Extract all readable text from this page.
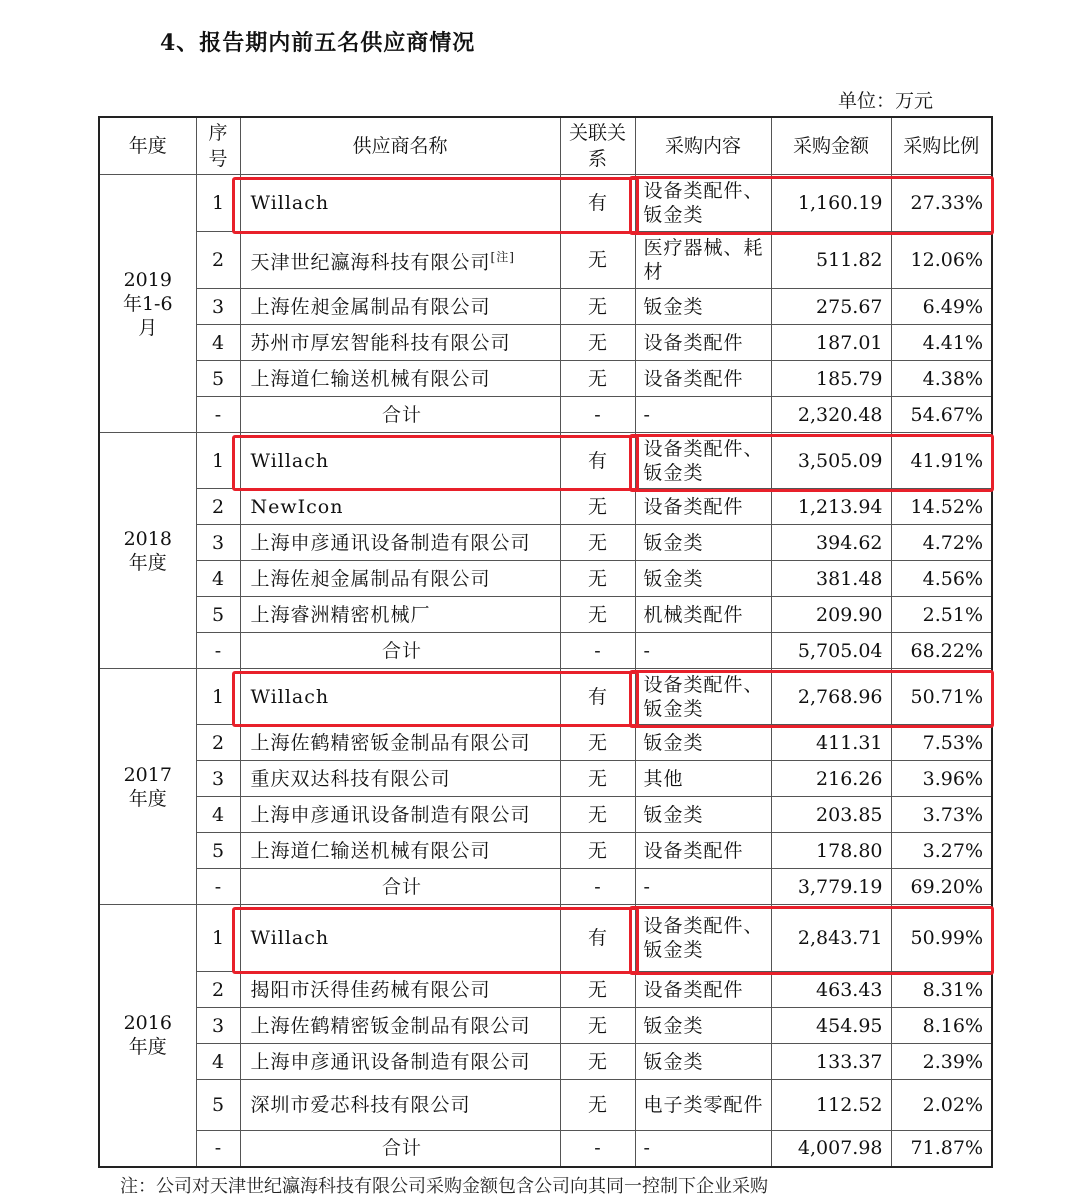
4、报告期内前五名供应商情况
单位：万元
年度	序号	供应商名称	关联关系	采购内容	采购金额	采购比例
2019年1-6月	1	Willach	有	设备类配件、钣金类	1,160.19	27.33%
	2	天津世纪瀛海科技有限公司[注]	无	医疗器械、耗材	511.82	12.06%
	3	上海佐昶金属制品有限公司	无	钣金类	275.67	6.49%
	4	苏州市厚宏智能科技有限公司	无	设备类配件	187.01	4.41%
	5	上海道仁输送机械有限公司	无	设备类配件	185.79	4.38%
	-	合计	-	-	2,320.48	54.67%
2018年度	1	Willach	有	设备类配件、钣金类	3,505.09	41.91%
	2	NewIcon	无	设备类配件	1,213.94	14.52%
	3	上海申彦通讯设备制造有限公司	无	钣金类	394.62	4.72%
	4	上海佐昶金属制品有限公司	无	钣金类	381.48	4.56%
	5	上海睿洲精密机械厂	无	机械类配件	209.90	2.51%
	-	合计	-	-	5,705.04	68.22%
2017年度	1	Willach	有	设备类配件、钣金类	2,768.96	50.71%
	2	上海佐鹤精密钣金制品有限公司	无	钣金类	411.31	7.53%
	3	重庆双达科技有限公司	无	其他	216.26	3.96%
	4	上海申彦通讯设备制造有限公司	无	钣金类	203.85	3.73%
	5	上海道仁输送机械有限公司	无	设备类配件	178.80	3.27%
	-	合计	-	-	3,779.19	69.20%
2016年度	1	Willach	有	设备类配件、钣金类	2,843.71	50.99%
	2	揭阳市沃得佳药械有限公司	无	设备类配件	463.43	8.31%
	3	上海佐鹤精密钣金制品有限公司	无	钣金类	454.95	8.16%
	4	上海申彦通讯设备制造有限公司	无	钣金类	133.37	2.39%
	5	深圳市爱芯科技有限公司	无	电子类零配件	112.52	2.02%
	-	合计	-	-	4,007.98	71.87%
注：公司对天津世纪瀛海科技有限公司采购金额包含公司向其同一控制下企业采购
